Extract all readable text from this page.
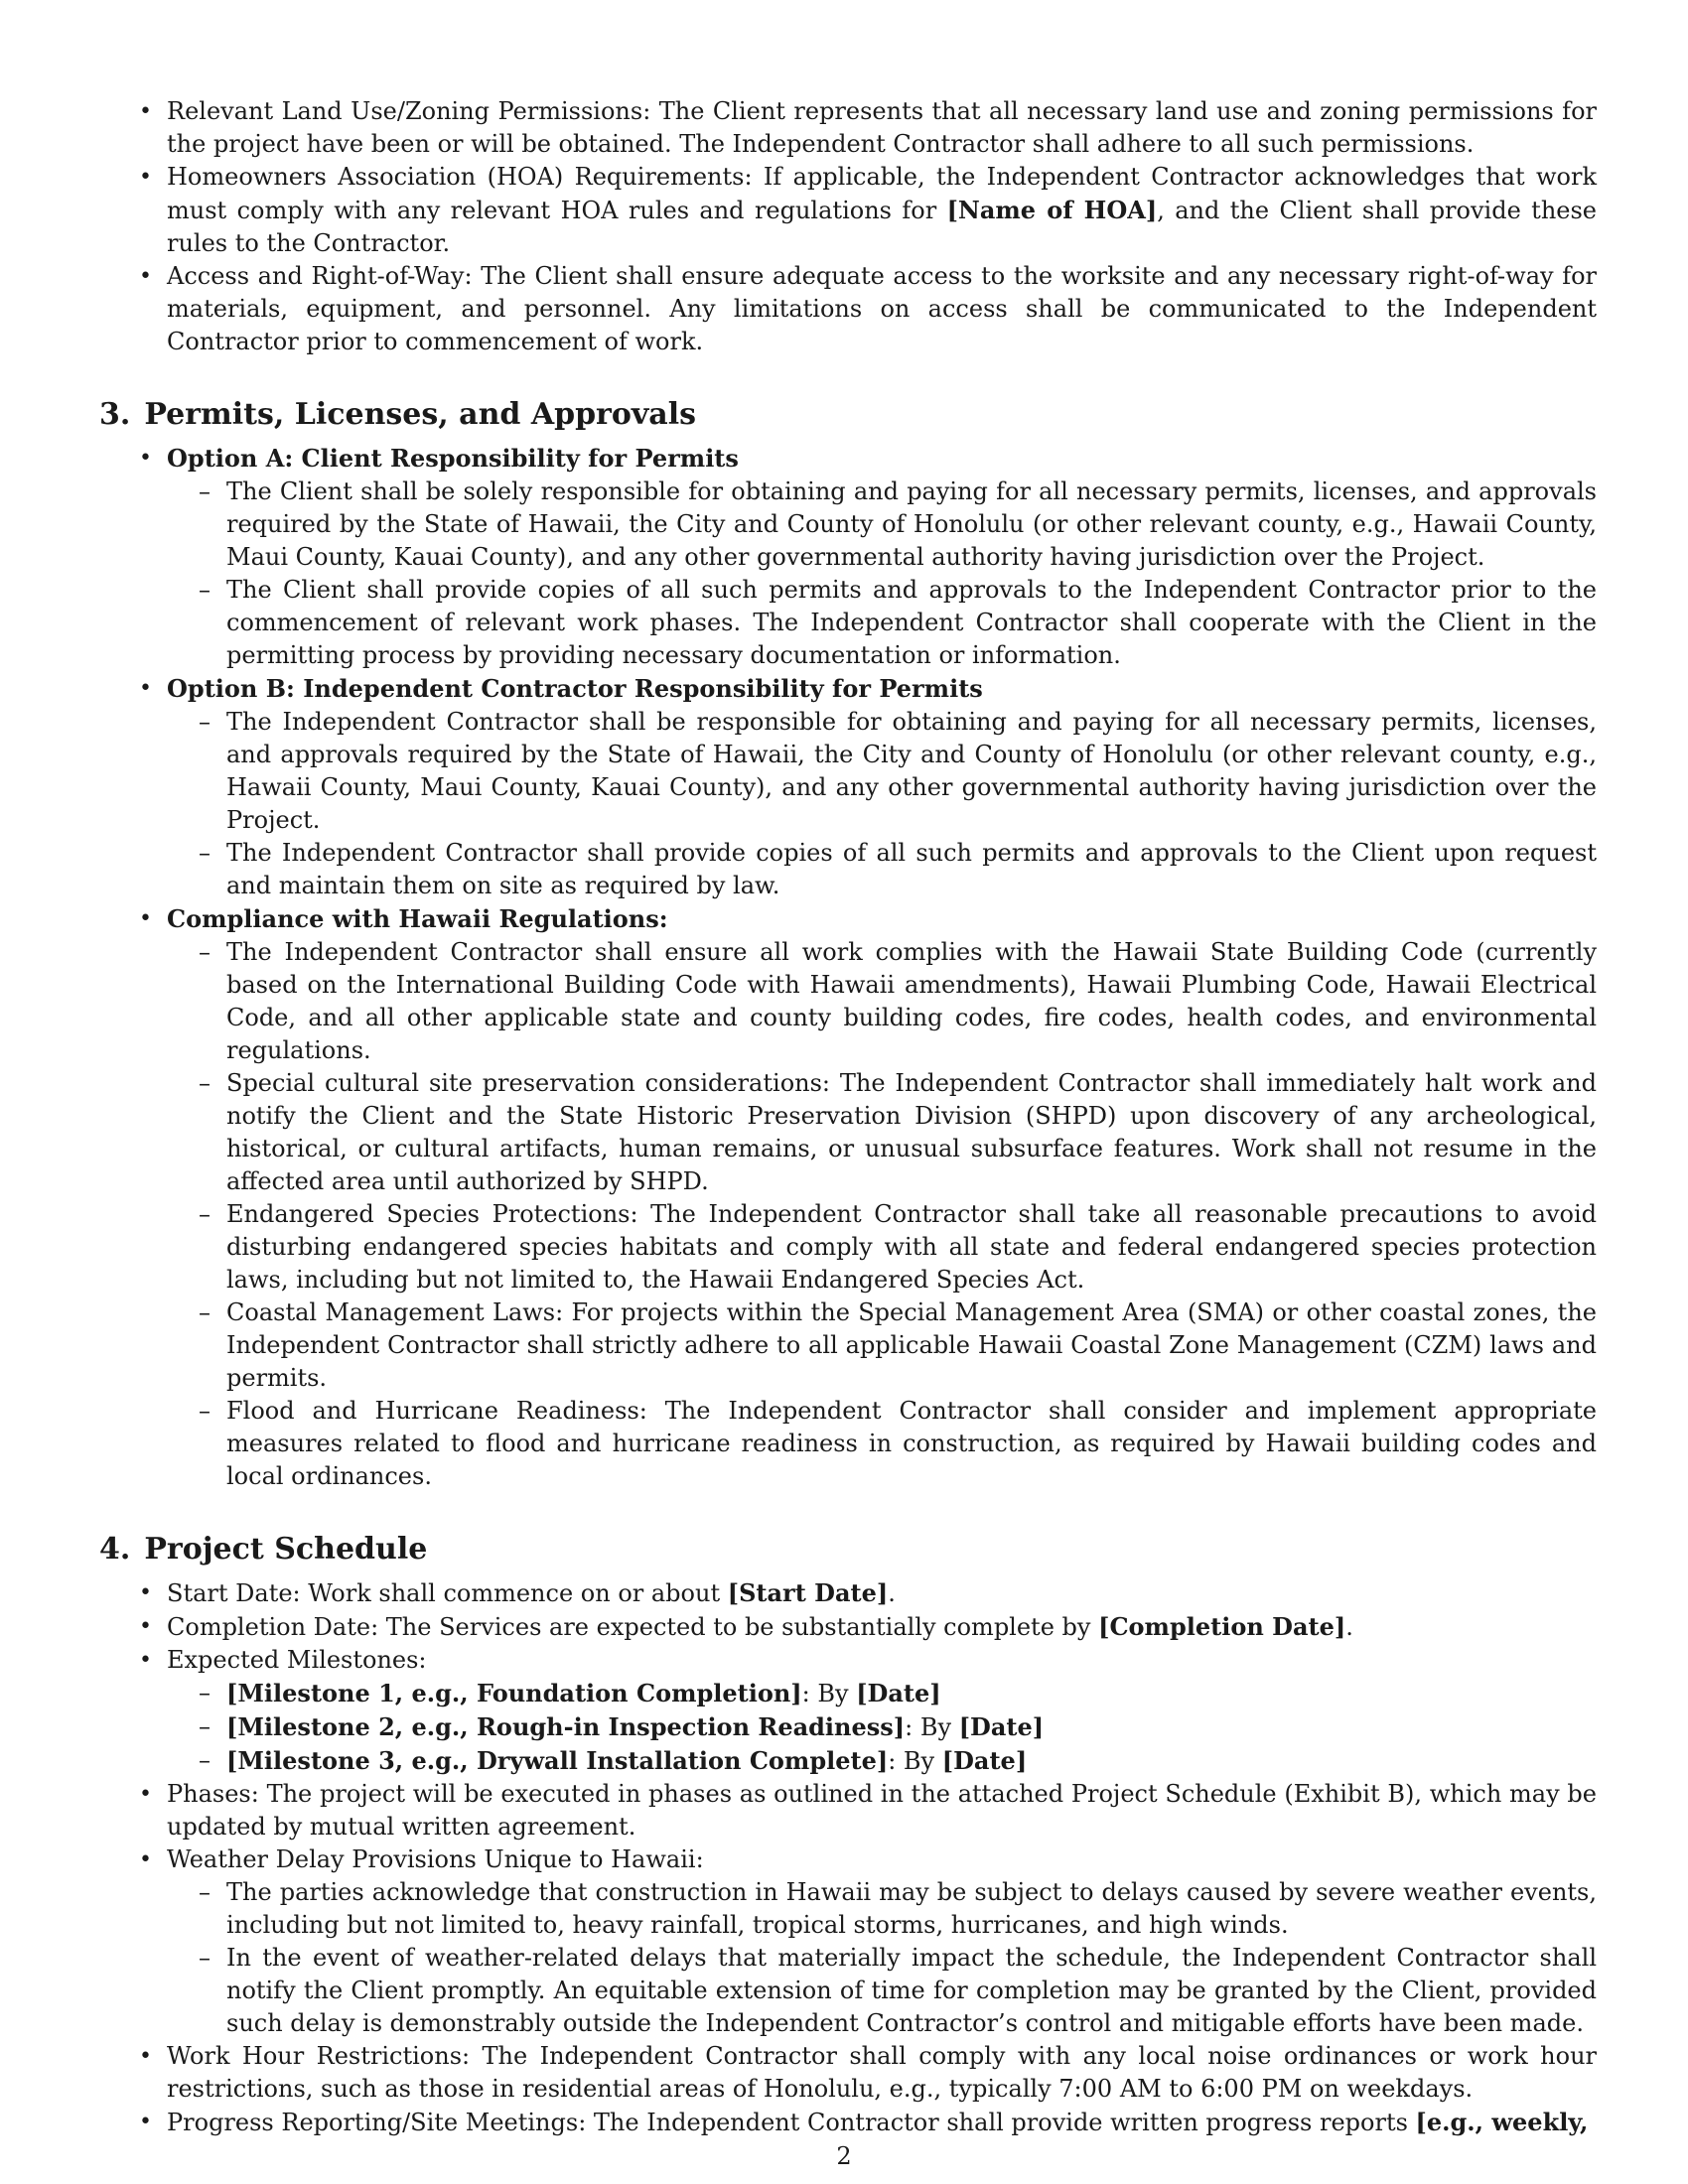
• Relevant Land Use/Zoning Permissions: The Client represents that all necessary land use and zoning permissions for the project have been or will be obtained. The Independent Contractor shall adhere to all such permissions.
• Homeowners Association (HOA) Requirements: If applicable, the Independent Contractor acknowledges that work must comply with any relevant HOA rules and regulations for [Name of HOA], and the Client shall provide these rules to the Contractor.
• Access and Right-of-Way: The Client shall ensure adequate access to the worksite and any necessary right-of-way for materials, equipment, and personnel. Any limitations on access shall be communicated to the Independent Contractor prior to commencement of work.
3. Permits, Licenses, and Approvals
• Option A: Client Responsibility for Permits
– The Client shall be solely responsible for obtaining and paying for all necessary permits, licenses, and approvals required by the State of Hawaii, the City and County of Honolulu (or other relevant county, e.g., Hawaii County, Maui County, Kauai County), and any other governmental authority having jurisdiction over the Project.
– The Client shall provide copies of all such permits and approvals to the Independent Contractor prior to the commencement of relevant work phases. The Independent Contractor shall cooperate with the Client in the permitting process by providing necessary documentation or information.
• Option B: Independent Contractor Responsibility for Permits
– The Independent Contractor shall be responsible for obtaining and paying for all necessary permits, licenses, and approvals required by the State of Hawaii, the City and County of Honolulu (or other relevant county, e.g., Hawaii County, Maui County, Kauai County), and any other governmental authority having jurisdiction over the Project.
– The Independent Contractor shall provide copies of all such permits and approvals to the Client upon request and maintain them on site as required by law.
• Compliance with Hawaii Regulations:
– The Independent Contractor shall ensure all work complies with the Hawaii State Building Code (currently based on the International Building Code with Hawaii amendments), Hawaii Plumbing Code, Hawaii Electrical Code, and all other applicable state and county building codes, fire codes, health codes, and environmental regulations.
– Special cultural site preservation considerations: The Independent Contractor shall immediately halt work and notify the Client and the State Historic Preservation Division (SHPD) upon discovery of any archeological, historical, or cultural artifacts, human remains, or unusual subsurface features. Work shall not resume in the affected area until authorized by SHPD.
– Endangered Species Protections: The Independent Contractor shall take all reasonable precautions to avoid disturbing endangered species habitats and comply with all state and federal endangered species protection laws, including but not limited to, the Hawaii Endangered Species Act.
– Coastal Management Laws: For projects within the Special Management Area (SMA) or other coastal zones, the Independent Contractor shall strictly adhere to all applicable Hawaii Coastal Zone Management (CZM) laws and permits.
– Flood and Hurricane Readiness: The Independent Contractor shall consider and implement appropriate measures related to flood and hurricane readiness in construction, as required by Hawaii building codes and local ordinances.
4. Project Schedule
• Start Date: Work shall commence on or about [Start Date].
• Completion Date: The Services are expected to be substantially complete by [Completion Date].
• Expected Milestones:
– [Milestone 1, e.g., Foundation Completion]: By [Date]
– [Milestone 2, e.g., Rough-in Inspection Readiness]: By [Date]
– [Milestone 3, e.g., Drywall Installation Complete]: By [Date]
• Phases: The project will be executed in phases as outlined in the attached Project Schedule (Exhibit B), which may be updated by mutual written agreement.
• Weather Delay Provisions Unique to Hawaii:
– The parties acknowledge that construction in Hawaii may be subject to delays caused by severe weather events, including but not limited to, heavy rainfall, tropical storms, hurricanes, and high winds.
– In the event of weather-related delays that materially impact the schedule, the Independent Contractor shall notify the Client promptly. An equitable extension of time for completion may be granted by the Client, provided such delay is demonstrably outside the Independent Contractor’s control and mitigable efforts have been made.
• Work Hour Restrictions: The Independent Contractor shall comply with any local noise ordinances or work hour restrictions, such as those in residential areas of Honolulu, e.g., typically 7:00 AM to 6:00 PM on weekdays.
• Progress Reporting/Site Meetings: The Independent Contractor shall provide written progress reports [e.g., weekly,
2
